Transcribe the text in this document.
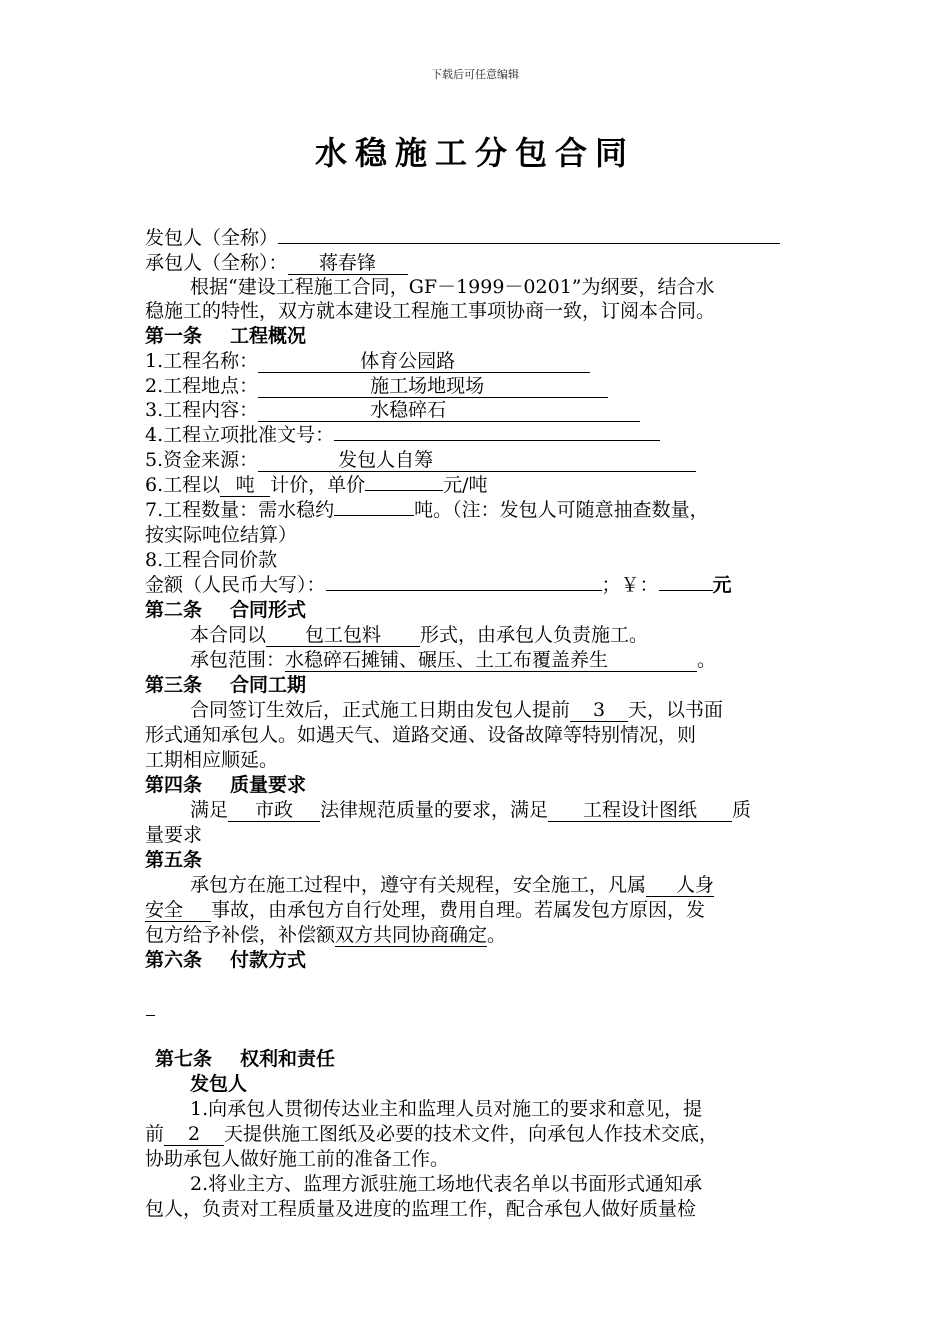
下载后可任意编辑
水稳施工分包合同
发包人（全称）
承包人（全称）： 蒋春锋
根据“建设工程施工合同，GF－1999－0201”为纲要，结合水
稳施工的特性，双方就本建设工程施工事项协商一致，订阅本合同。
第一条 工程概况
1.工程名称：	体育公园路
2.工程地点：	施工场地现场
3.工程内容：	水稳碎石
4.工程立项批准文号：
5.资金来源：	发包人自筹
6.工程以 吨 计价，单价	元/吨
7.工程数量：需水稳约	吨。（注：发包人可随意抽查数量，
按实际吨位结算）
8.工程合同价款
金额（人民币大写）：	；￥：	元
第二条 合同形式
本合同以 包工包料 形式，由承包人负责施工。
承包范围：水稳碎石摊铺、碾压、土工布覆盖养生	。
第三条 合同工期
合同签订生效后，正式施工日期由发包人提前 3 天，以书面
形式通知承包人。如遇天气、道路交通、设备故障等特别情况，则
工期相应顺延。
第四条 质量要求
满足 市政 法律规范质量的要求，满足 工程设计图纸 质
量要求
第五条
承包方在施工过程中，遵守有关规程，安全施工，凡属 人身
安全 事故，由承包方自行处理，费用自理。若属发包方原因，发
包方给予补偿，补偿额双方共同协商确定。
第六条 付款方式
第七条 权利和责任
发包人
1.向承包人贯彻传达业主和监理人员对施工的要求和意见，提
前 2 天提供施工图纸及必要的技术文件，向承包人作技术交底，
协助承包人做好施工前的准备工作。
2.将业主方、监理方派驻施工场地代表名单以书面形式通知承
包人，负责对工程质量及进度的监理工作，配合承包人做好质量检
